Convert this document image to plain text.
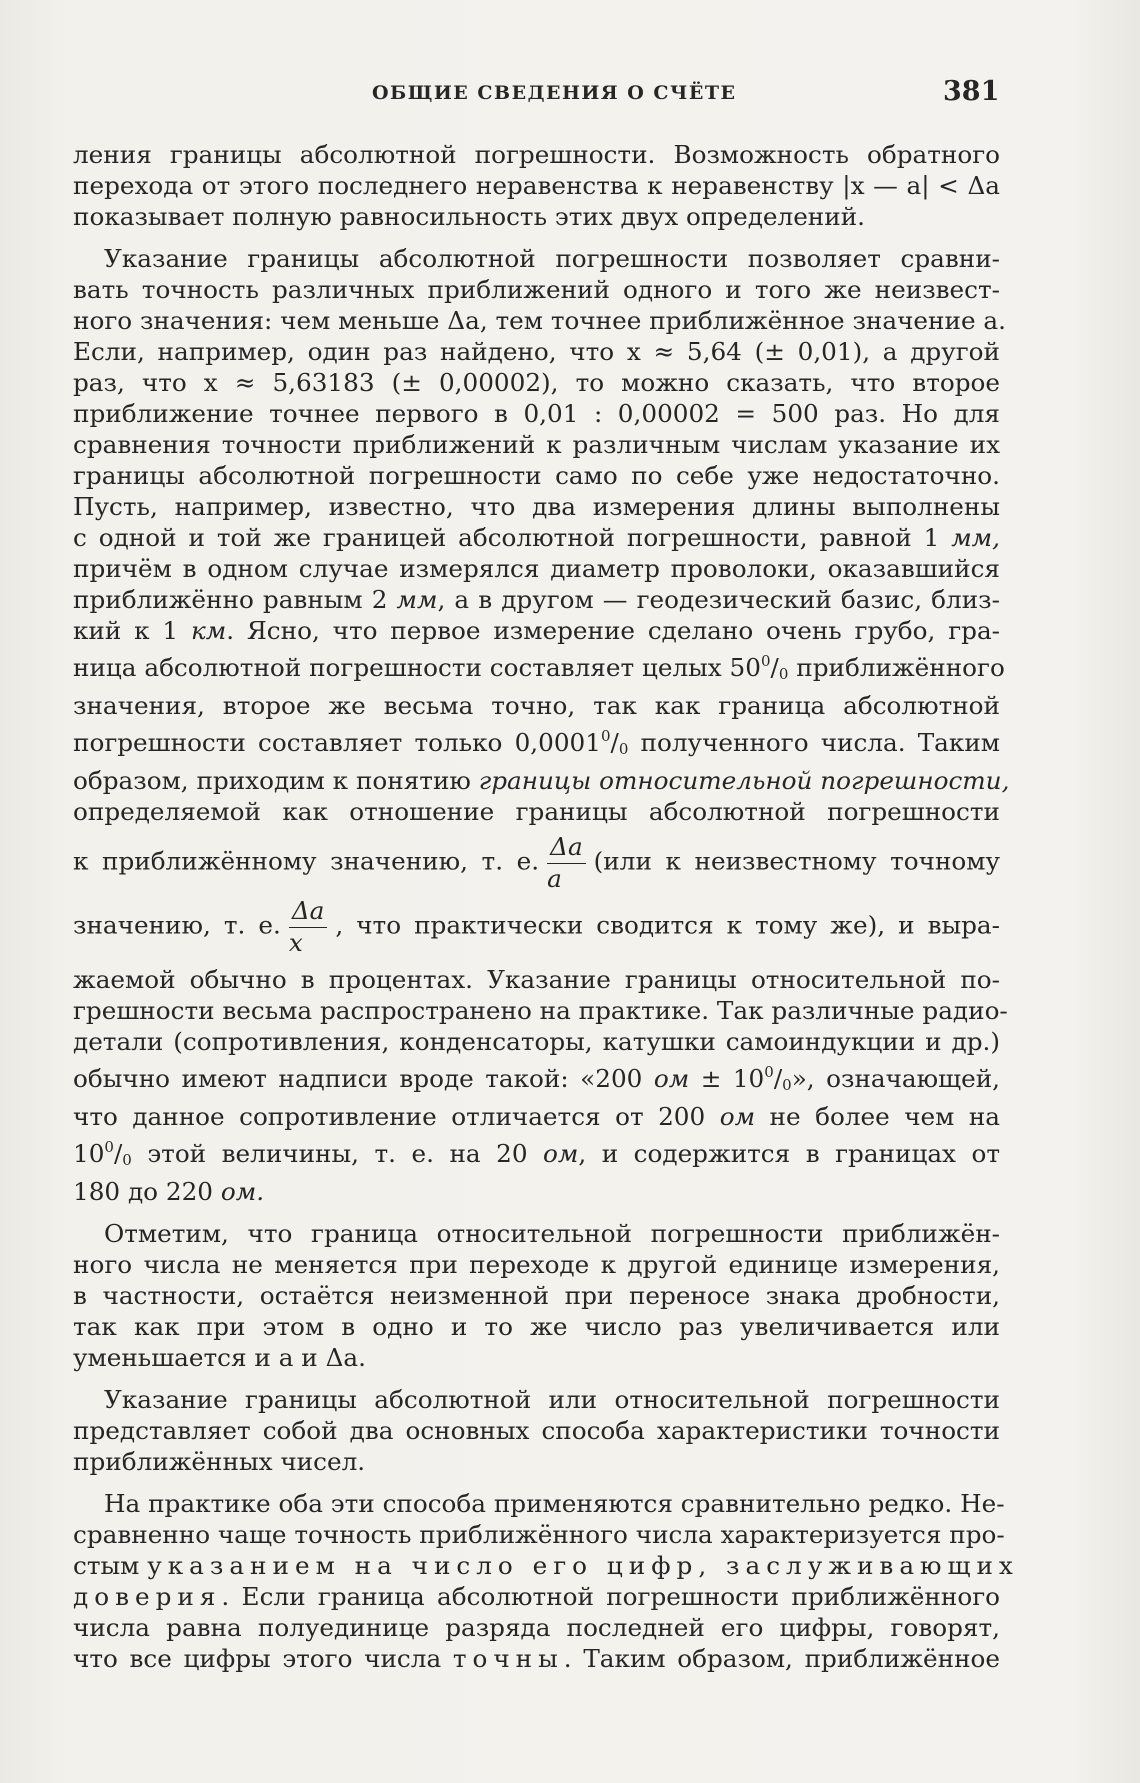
ОБЩИЕ СВЕДЕНИЯ О СЧЁТЕ	381
ления границы абсолютной погрешности. Возможность обратного
перехода от этого последнего неравенства к неравенству |x — a| < Δa
показывает полную равносильность этих двух определений.
Указание границы абсолютной погрешности позволяет сравни-
вать точность различных приближений одного и того же неизвест-
ного значения: чем меньше Δa, тем точнее приближённое значение a.
Если, например, один раз найдено, что x ≈ 5,64 (± 0,01), а другой
раз, что x ≈ 5,63183 (± 0,00002), то можно сказать, что второе
приближение точнее первого в 0,01 : 0,00002 = 500 раз. Но для
сравнения точности приближений к различным числам указание их
границы абсолютной погрешности само по себе уже недостаточно.
Пусть, например, известно, что два измерения длины выполнены
с одной и той же границей абсолютной погрешности, равной 1 мм,
причём в одном случае измерялся диаметр проволоки, оказавшийся
приближённо равным 2 мм, а в другом — геодезический базис, близ-
кий к 1 км. Ясно, что первое измерение сделано очень грубо, гра-
ница абсолютной погрешности составляет целых $50^0/_0$ приближённого
значения, второе же весьма точно, так как граница абсолютной
погрешности составляет только $0,0001^0/_0$ полученного числа. Таким
образом, приходим к понятию границы относительной погрешности,
определяемой как отношение границы абсолютной погрешности
к приближённому значению, т. е. $\frac{\Delta a}{a} (или$ к неизвестному точному
значению, т. е. $\frac{\Delta a}{x}$ , что практически сводится к тому же), и выра-
жаемой обычно в процентах. Указание границы относительной по-
грешности весьма распространено на практике. Так различные радио-
детали (сопротивления, конденсаторы, катушки самоиндукции и др.)
обычно имеют надписи вроде такой: «200 ом ± $10^0/_0$», означающей,
что данное сопротивление отличается от 200 ом не более чем на
$10^0/_0$ этой величины, т. е. на 20 ом, и содержится в границах от
180 до 220 ом.
Отметим, что граница относительной погрешности приближён-
ного числа не меняется при переходе к другой единице измерения,
в частности, остаётся неизменной при переносе знака дробности,
так как при этом в одно и то же число раз увеличивается или
уменьшается и a и Δa.
Указание границы абсолютной или относительной погрешности
представляет собой два основных способа характеристики точности
приближённых чисел.
На практике оба эти способа применяются сравнительно редко. Не-
сравненно чаще точность приближённого числа характеризуется про-
стым указанием на число его цифр, заслуживающих
доверия. Если граница абсолютной погрешности приближённого
числа равна полуединице разряда последней его цифры, говорят,
что все цифры этого числа точны. Таким образом, приближённое
